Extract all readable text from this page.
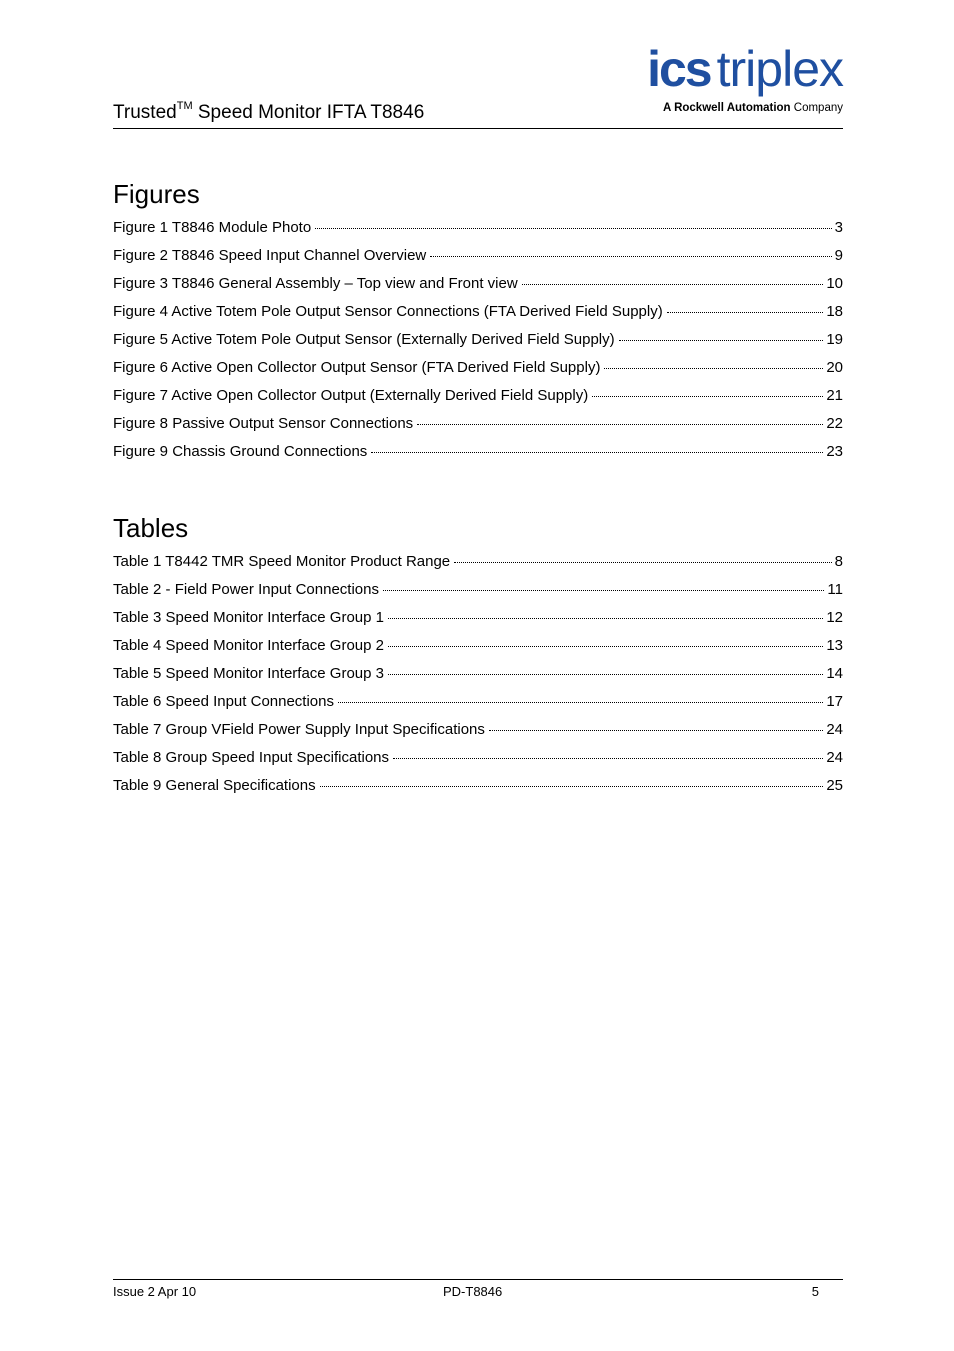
Trusted™ Speed Monitor IFTA T8846
ics triplex
A Rockwell Automation Company
Figures
Figure 1 T8846 Module Photo	3
Figure 2 T8846 Speed Input Channel Overview	9
Figure 3 T8846 General Assembly – Top view and Front view	10
Figure 4 Active Totem Pole Output Sensor Connections (FTA Derived Field Supply)	18
Figure 5 Active Totem Pole Output Sensor (Externally Derived Field Supply)	19
Figure 6 Active Open Collector Output Sensor (FTA Derived Field Supply)	20
Figure 7 Active Open Collector Output (Externally Derived Field Supply)	21
Figure 8 Passive Output Sensor Connections	22
Figure 9 Chassis Ground Connections	23
Tables
Table 1 T8442 TMR Speed Monitor Product Range	8
Table 2 - Field Power Input Connections	11
Table 3 Speed Monitor Interface Group 1	12
Table 4 Speed Monitor Interface Group 2	13
Table 5 Speed Monitor Interface Group 3	14
Table 6 Speed Input Connections	17
Table 7 Group VField Power Supply Input Specifications	24
Table 8 Group Speed Input Specifications	24
Table 9 General Specifications	25
Issue 2 Apr 10	PD-T8846	5
